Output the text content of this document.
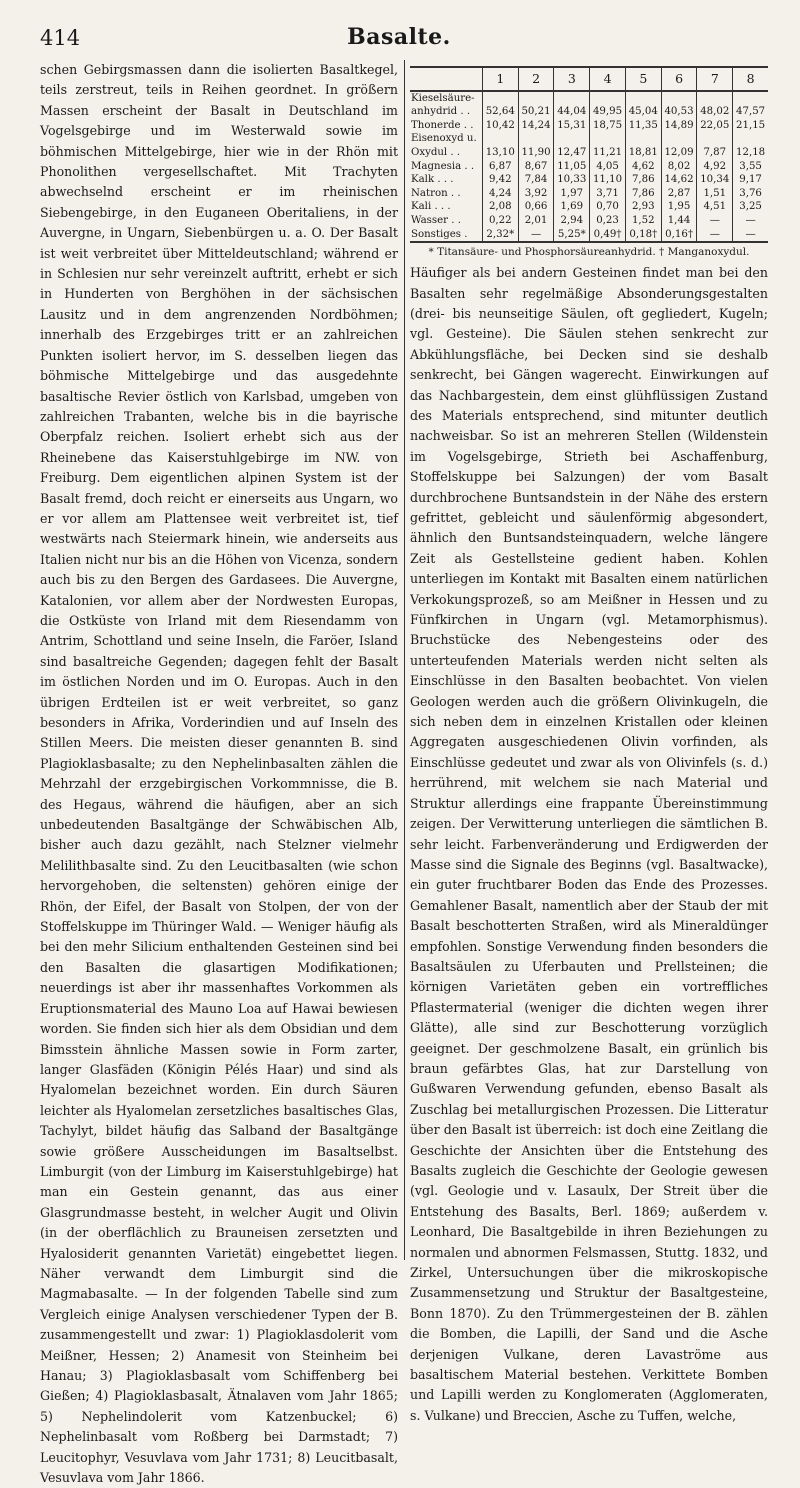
414	Basalte.

schen Gebirgsmassen dann die isolierten Basaltkegel, teils zerstreut, teils in Reihen geordnet. In größern Massen erscheint der Basalt in Deutschland im Vogelsgebirge und im Westerwald sowie im böhmischen Mittelgebirge, hier wie in der Rhön mit Phonolithen vergesellschaftet. Mit Trachyten abwechselnd erscheint er im rheinischen Siebengebirge, in den Euganeen Oberitaliens, in der Auvergne, in Ungarn, Siebenbürgen u. a. O. Der Basalt ist weit verbreitet über Mitteldeutschland; während er in Schlesien nur sehr vereinzelt auftritt, erhebt er sich in Hunderten von Berghöhen in der sächsischen Lausitz und in dem angrenzenden Nordböhmen; innerhalb des Erzgebirges tritt er an zahlreichen Punkten isoliert hervor, im S. desselben liegen das böhmische Mittelgebirge und das ausgedehnte basaltische Revier östlich von Karlsbad, umgeben von zahlreichen Trabanten, welche bis in die bayrische Oberpfalz reichen. Isoliert erhebt sich aus der Rheinebene das Kaiserstuhlgebirge im NW. von Freiburg. Dem eigentlichen alpinen System ist der Basalt fremd, doch reicht er einerseits aus Ungarn, wo er vor allem am Plattensee weit verbreitet ist, tief westwärts nach Steiermark hinein, wie anderseits aus Italien nicht nur bis an die Höhen von Vicenza, sondern auch bis zu den Bergen des Gardasees. Die Auvergne, Katalonien, vor allem aber der Nordwesten Europas, die Ostküste von Irland mit dem Riesendamm von Antrim, Schottland und seine Inseln, die Faröer, Island sind basaltreiche Gegenden; dagegen fehlt der Basalt im östlichen Norden und im O. Europas. Auch in den übrigen Erdteilen ist er weit verbreitet, so ganz besonders in Afrika, Vorderindien und auf Inseln des Stillen Meers. Die meisten dieser genannten B. sind Plagioklasbasalte; zu den Nephelinbasalten zählen die Mehrzahl der erzgebirgischen Vorkommnisse, die B. des Hegaus, während die häufigen, aber an sich unbedeutenden Basaltgänge der Schwäbischen Alb, bisher auch dazu gezählt, nach Stelzner vielmehr Melilithbasalte sind. Zu den Leucitbasalten (wie schon hervorgehoben, die seltensten) gehören einige der Rhön, der Eifel, der Basalt von Stolpen, der von der Stoffelskuppe im Thüringer Wald. — Weniger häufig als bei den mehr Silicium enthaltenden Gesteinen sind bei den Basalten die glasartigen Modifikationen; neuerdings ist aber ihr massenhaftes Vorkommen als Eruptionsmaterial des Mauno Loa auf Hawai bewiesen worden. Sie finden sich hier als dem Obsidian und dem Bimsstein ähnliche Massen sowie in Form zarter, langer Glasfäden (Königin Pélés Haar) und sind als Hyalomelan bezeichnet worden. Ein durch Säuren leichter als Hyalomelan zersetzliches basaltisches Glas, Tachylyt, bildet häufig das Salband der Basaltgänge sowie größere Ausscheidungen im Basaltselbst. Limburgit (von der Limburg im Kaiserstuhlgebirge) hat man ein Gestein genannt, das aus einer Glasgrundmasse besteht, in welcher Augit und Olivin (in der oberflächlich zu Brauneisen zersetzten und Hyalosiderit genannten Varietät) eingebettet liegen. Näher verwandt dem Limburgit sind die Magmabasalte. — In der folgenden Tabelle sind zum Vergleich einige Analysen verschiedener Typen der B. zusammengestellt und zwar: 1) Plagioklasdolerit vom Meißner, Hessen; 2) Anamesit von Steinheim bei Hanau; 3) Plagioklasbasalt vom Schiffenberg bei Gießen; 4) Plagioklasbasalt, Ätnalaven vom Jahr 1865; 5) Nephelindolerit vom Katzenbuckel; 6) Nephelinbasalt vom Roßberg bei Darmstadt; 7) Leucitophyr, Vesuvlava vom Jahr 1731; 8) Leucitbasalt, Vesuvlava vom Jahr 1866.

	1	2	3	4	5	6	7	8
Kieselsäure-								
anhydrid . .	52,64	50,21	44,04	49,95	45,04	40,53	48,02	47,57
Thonerde . .	10,42	14,24	15,31	18,75	11,35	14,89	22,05	21,15
Eisenoxyd u.								
Oxydul . .	13,10	11,90	12,47	11,21	18,81	12,09	7,87	12,18
Magnesia . .	6,87	8,67	11,05	4,05	4,62	8,02	4,92	3,55
Kalk . . .	9,42	7,84	10,33	11,10	7,86	14,62	10,34	9,17
Natron . .	4,24	3,92	1,97	3,71	7,86	2,87	1,51	3,76
Kali . . .	2,08	0,66	1,69	0,70	2,93	1,95	4,51	3,25
Wasser . .	0,22	2,01	2,94	0,23	1,52	1,44	—	—
Sonstiges .	2,32*	—	5,25*	0,49†	0,18†	0,16†	—	—
* Titansäure- und Phosphorsäureanhydrid. † Manganoxydul.

Häufiger als bei andern Gesteinen findet man bei den Basalten sehr regelmäßige Absonderungsgestalten (drei- bis neunseitige Säulen, oft gegliedert, Kugeln; vgl. Gesteine). Die Säulen stehen senkrecht zur Abkühlungsfläche, bei Decken sind sie deshalb senkrecht, bei Gängen wagerecht. Einwirkungen auf das Nachbargestein, dem einst glühflüssigen Zustand des Materials entsprechend, sind mitunter deutlich nachweisbar. So ist an mehreren Stellen (Wildenstein im Vogelsgebirge, Strieth bei Aschaffenburg, Stoffelskuppe bei Salzungen) der vom Basalt durchbrochene Buntsandstein in der Nähe des erstern gefrittet, gebleicht und säulenförmig abgesondert, ähnlich den Buntsandsteinquadern, welche längere Zeit als Gestellsteine gedient haben. Kohlen unterliegen im Kontakt mit Basalten einem natürlichen Verkokungsprozeß, so am Meißner in Hessen und zu Fünfkirchen in Ungarn (vgl. Metamorphismus). Bruchstücke des Nebengesteins oder des unterteufenden Materials werden nicht selten als Einschlüsse in den Basalten beobachtet. Von vielen Geologen werden auch die größern Olivinkugeln, die sich neben dem in einzelnen Kristallen oder kleinen Aggregaten ausgeschiedenen Olivin vorfinden, als Einschlüsse gedeutet und zwar als von Olivinfels (s. d.) herrührend, mit welchem sie nach Material und Struktur allerdings eine frappante Übereinstimmung zeigen. Der Verwitterung unterliegen die sämtlichen B. sehr leicht. Farbenveränderung und Erdigwerden der Masse sind die Signale des Beginns (vgl. Basaltwacke), ein guter fruchtbarer Boden das Ende des Prozesses. Gemahlener Basalt, namentlich aber der Staub der mit Basalt beschotterten Straßen, wird als Mineraldünger empfohlen. Sonstige Verwendung finden besonders die Basaltsäulen zu Uferbauten und Prellsteinen; die körnigen Varietäten geben ein vortreffliches Pflastermaterial (weniger die dichten wegen ihrer Glätte), alle sind zur Beschotterung vorzüglich geeignet. Der geschmolzene Basalt, ein grünlich bis braun gefärbtes Glas, hat zur Darstellung von Gußwaren Verwendung gefunden, ebenso Basalt als Zuschlag bei metallurgischen Prozessen. Die Litteratur über den Basalt ist überreich: ist doch eine Zeitlang die Geschichte der Ansichten über die Entstehung des Basalts zugleich die Geschichte der Geologie gewesen (vgl. Geologie und v. Lasaulx, Der Streit über die Entstehung des Basalts, Berl. 1869; außerdem v. Leonhard, Die Basaltgebilde in ihren Beziehungen zu normalen und abnormen Felsmassen, Stuttg. 1832, und Zirkel, Untersuchungen über die mikroskopische Zusammensetzung und Struktur der Basaltgesteine, Bonn 1870). Zu den Trümmergesteinen der B. zählen die Bomben, die Lapilli, der Sand und die Asche derjenigen Vulkane, deren Lavaströme aus basaltischem Material bestehen. Verkittete Bomben und Lapilli werden zu Konglomeraten (Agglomeraten, s. Vulkane) und Breccien, Asche zu Tuffen, welche,
